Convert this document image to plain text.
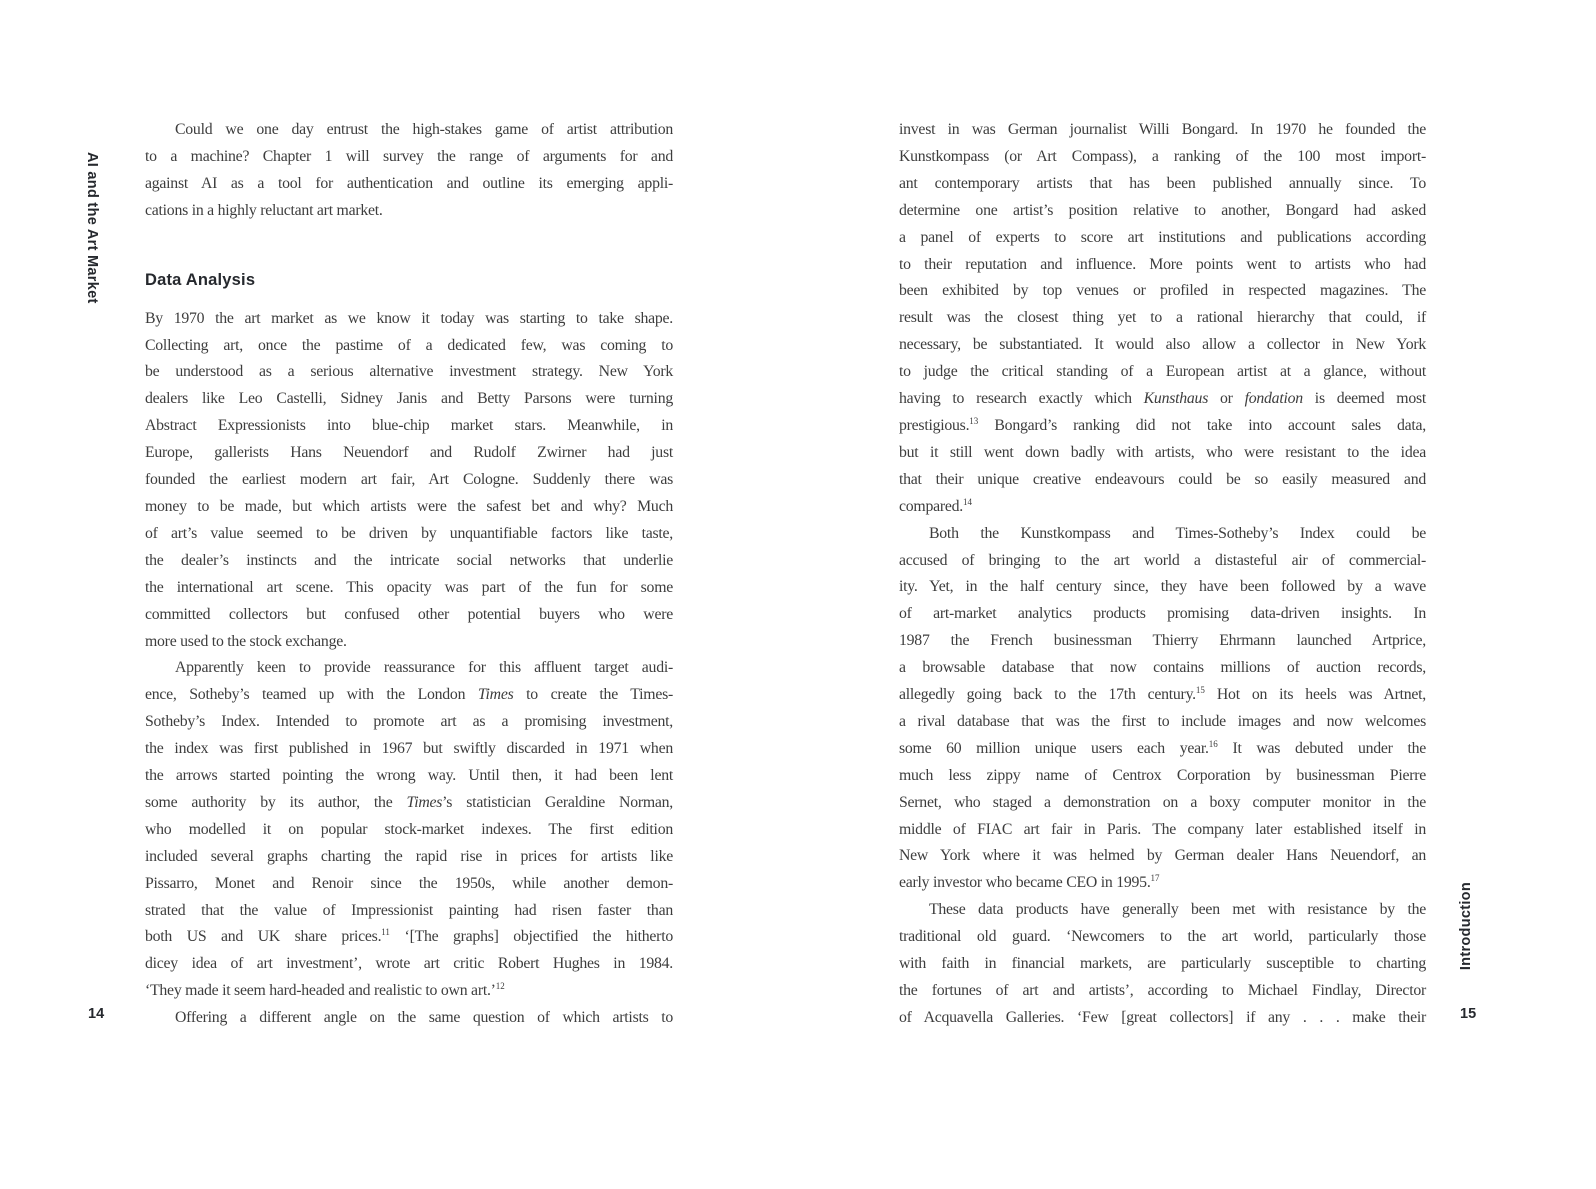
AI and the Art Market
Could we one day entrust the high-stakes game of artist attribution
to a machine? Chapter 1 will survey the range of arguments for and
against AI as a tool for authentication and outline its emerging appli-
cations in a highly reluctant art market.
Data Analysis
By 1970 the art market as we know it today was starting to take shape.
Collecting art, once the pastime of a dedicated few, was coming to
be understood as a serious alternative investment strategy. New York
dealers like Leo Castelli, Sidney Janis and Betty Parsons were turning
Abstract Expressionists into blue-chip market stars. Meanwhile, in
Europe, gallerists Hans Neuendorf and Rudolf Zwirner had just
founded the earliest modern art fair, Art Cologne. Suddenly there was
money to be made, but which artists were the safest bet and why? Much
of art’s value seemed to be driven by unquantifiable factors like taste,
the dealer’s instincts and the intricate social networks that underlie
the international art scene. This opacity was part of the fun for some
committed collectors but confused other potential buyers who were
more used to the stock exchange.
Apparently keen to provide reassurance for this affluent target audi-
ence, Sotheby’s teamed up with the London Times to create the Times-
Sotheby’s Index. Intended to promote art as a promising investment,
the index was first published in 1967 but swiftly discarded in 1971 when
the arrows started pointing the wrong way. Until then, it had been lent
some authority by its author, the Times’s statistician Geraldine Norman,
who modelled it on popular stock-market indexes. The first edition
included several graphs charting the rapid rise in prices for artists like
Pissarro, Monet and Renoir since the 1950s, while another demon-
strated that the value of Impressionist painting had risen faster than
both US and UK share prices.$^{11}$ ‘[The graphs] objectified the hitherto
dicey idea of art investment’, wrote art critic Robert Hughes in 1984.
‘They made it seem hard-headed and realistic to own art.’$^{12}$
Offering a different angle on the same question of which artists to
14
invest in was German journalist Willi Bongard. In 1970 he founded the
Kunstkompass (or Art Compass), a ranking of the 100 most import-
ant contemporary artists that has been published annually since. To
determine one artist’s position relative to another, Bongard had asked
a panel of experts to score art institutions and publications according
to their reputation and influence. More points went to artists who had
been exhibited by top venues or profiled in respected magazines. The
result was the closest thing yet to a rational hierarchy that could, if
necessary, be substantiated. It would also allow a collector in New York
to judge the critical standing of a European artist at a glance, without
having to research exactly which Kunsthaus or fondation is deemed most
prestigious.$^{13}$ Bongard’s ranking did not take into account sales data,
but it still went down badly with artists, who were resistant to the idea
that their unique creative endeavours could be so easily measured and
compared.$^{14}$
Both the Kunstkompass and Times-Sotheby’s Index could be
accused of bringing to the art world a distasteful air of commercial-
ity. Yet, in the half century since, they have been followed by a wave
of art-market analytics products promising data-driven insights. In
1987 the French businessman Thierry Ehrmann launched Artprice,
a browsable database that now contains millions of auction records,
allegedly going back to the 17th century.$^{15}$ Hot on its heels was Artnet,
a rival database that was the first to include images and now welcomes
some 60 million unique users each year.$^{16}$ It was debuted under the
much less zippy name of Centrox Corporation by businessman Pierre
Sernet, who staged a demonstration on a boxy computer monitor in the
middle of FIAC art fair in Paris. The company later established itself in
New York where it was helmed by German dealer Hans Neuendorf, an
early investor who became CEO in 1995.17
These data products have generally been met with resistance by the
traditional old guard. ‘Newcomers to the art world, particularly those
with faith in financial markets, are particularly susceptible to charting
the fortunes of art and artists’, according to Michael Findlay, Director
of Acquavella Galleries. ‘Few [great collectors] if any . . . make their
Introduction
15
